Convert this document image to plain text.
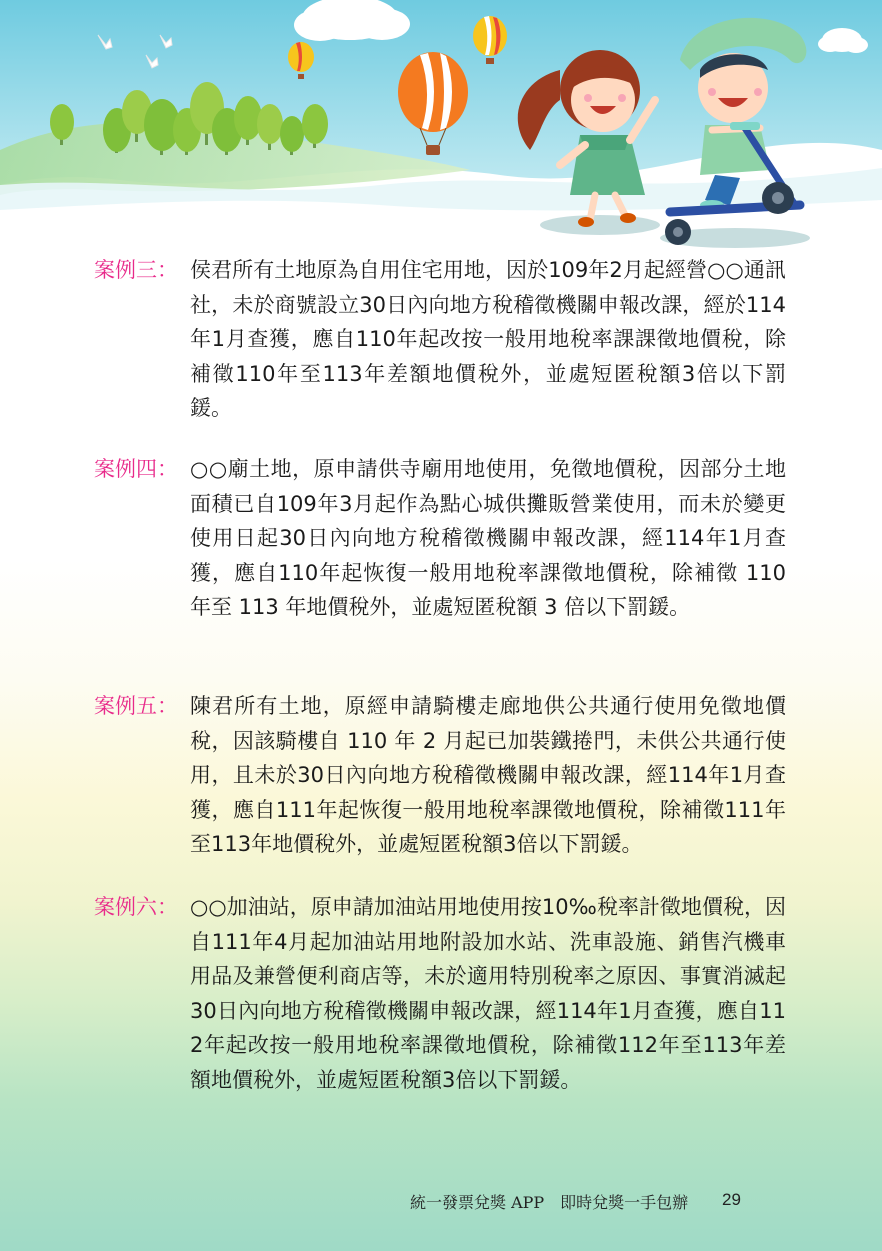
案例三： 侯君所有土地原為自用住宅用地，因於109年2月起經營○○通訊社，未於商號設立30日內向地方稅稽徵機關申報改課，經於114年1月查獲，應自110年起改按一般用地稅率課課徵地價稅，除補徵110年至113年差額地價稅外，並處短匿稅額3倍以下罰鍰。
案例四： ○○廟土地，原申請供寺廟用地使用，免徵地價稅，因部分土地面積已自109年3月起作為點心城供攤販營業使用，而未於變更使用日起30日內向地方稅稽徵機關申報改課，經114年1月查獲，應自110年起恢復一般用地稅率課徵地價稅，除補徵 110 年至 113 年地價稅外，並處短匿稅額 3 倍以下罰鍰。
案例五： 陳君所有土地，原經申請騎樓走廊地供公共通行使用免徵地價稅，因該騎樓自 110 年 2 月起已加裝鐵捲門，未供公共通行使用，且未於30日內向地方稅稽徵機關申報改課，經114年1月查獲，應自111年起恢復一般用地稅率課徵地價稅，除補徵111年至113年地價稅外，並處短匿稅額3倍以下罰鍰。
案例六： ○○加油站，原申請加油站用地使用按10‰稅率計徵地價稅，因自111年4月起加油站用地附設加水站、洗車設施、銷售汽機車用品及兼營便利商店等，未於適用特別稅率之原因、事實消滅起30日內向地方稅稽徵機關申報改課，經114年1月查獲，應自112年起改按一般用地稅率課徵地價稅，除補徵112年至113年差額地價稅外，並處短匿稅額3倍以下罰鍰。
統一發票兌獎 APP　即時兌獎一手包辦 29
